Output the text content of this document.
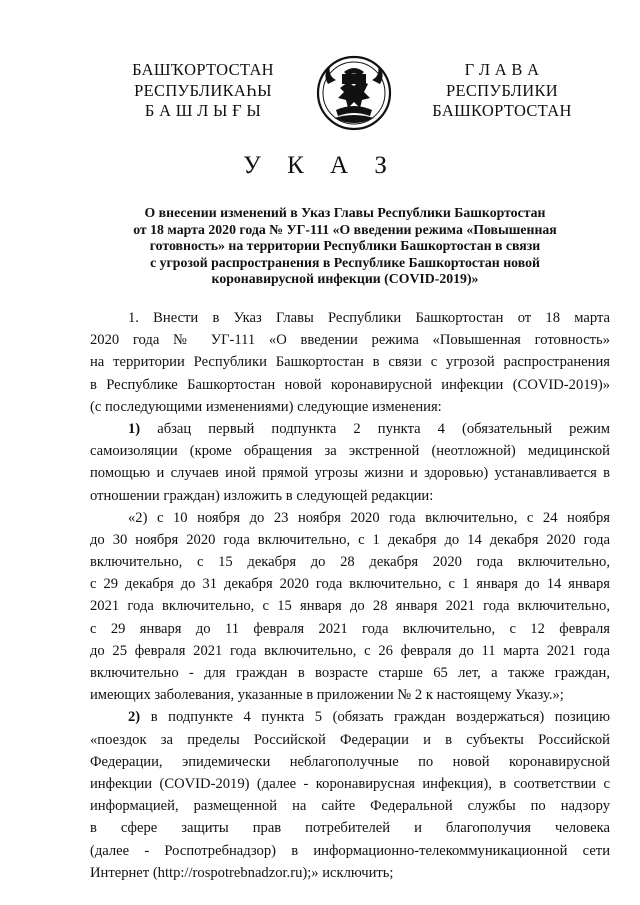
БАШҠОРТОСТАН
РЕСПУБЛИКАҺЫ
Б А Ш Л Ы Ғ Ы
Г Л А В А
РЕСПУБЛИКИ
БАШКОРТОСТАН
У К А З
О внесении изменений в Указ Главы Республики Башкортостан
от 18 марта 2020 года № УГ-111 «О введении режима «Повышенная
готовность» на территории Республики Башкортостан в связи
с угрозой распространения в Республике Башкортостан новой
коронавирусной инфекции (COVID-2019)»
1. Внести в Указ Главы Республики Башкортостан от 18 марта
2020 года № УГ-111 «О введении режима «Повышенная готовность»
на территории Республики Башкортостан в связи с угрозой распространения
в Республике Башкортостан новой коронавирусной инфекции (COVID-2019)»
(с последующими изменениями) следующие изменения:
1) абзац первый подпункта 2 пункта 4 (обязательный режим
самоизоляции (кроме обращения за экстренной (неотложной) медицинской
помощью и случаев иной прямой угрозы жизни и здоровью) устанавливается в
отношении граждан) изложить в следующей редакции:
«2) с 10 ноября до 23 ноября 2020 года включительно, с 24 ноября
до 30 ноября 2020 года включительно, с 1 декабря до 14 декабря 2020 года
включительно, с 15 декабря до 28 декабря 2020 года включительно,
с 29 декабря до 31 декабря 2020 года включительно, с 1 января до 14 января
2021 года включительно, с 15 января до 28 января 2021 года включительно,
с 29 января до 11 февраля 2021 года включительно, с 12 февраля
до 25 февраля 2021 года включительно, с 26 февраля до 11 марта 2021 года
включительно - для граждан в возрасте старше 65 лет, а также граждан,
имеющих заболевания, указанные в приложении № 2 к настоящему Указу.»;
2) в подпункте 4 пункта 5 (обязать граждан воздержаться) позицию
«поездок за пределы Российской Федерации и в субъекты Российской
Федерации, эпидемически неблагополучные по новой коронавирусной
инфекции (COVID-2019) (далее - коронавирусная инфекция), в соответствии с
информацией, размещенной на сайте Федеральной службы по надзору
в сфере защиты прав потребителей и благополучия человека
(далее - Роспотребнадзор) в информационно-телекоммуникационной сети
Интернет (http://rospotrebnadzor.ru);» исключить;
